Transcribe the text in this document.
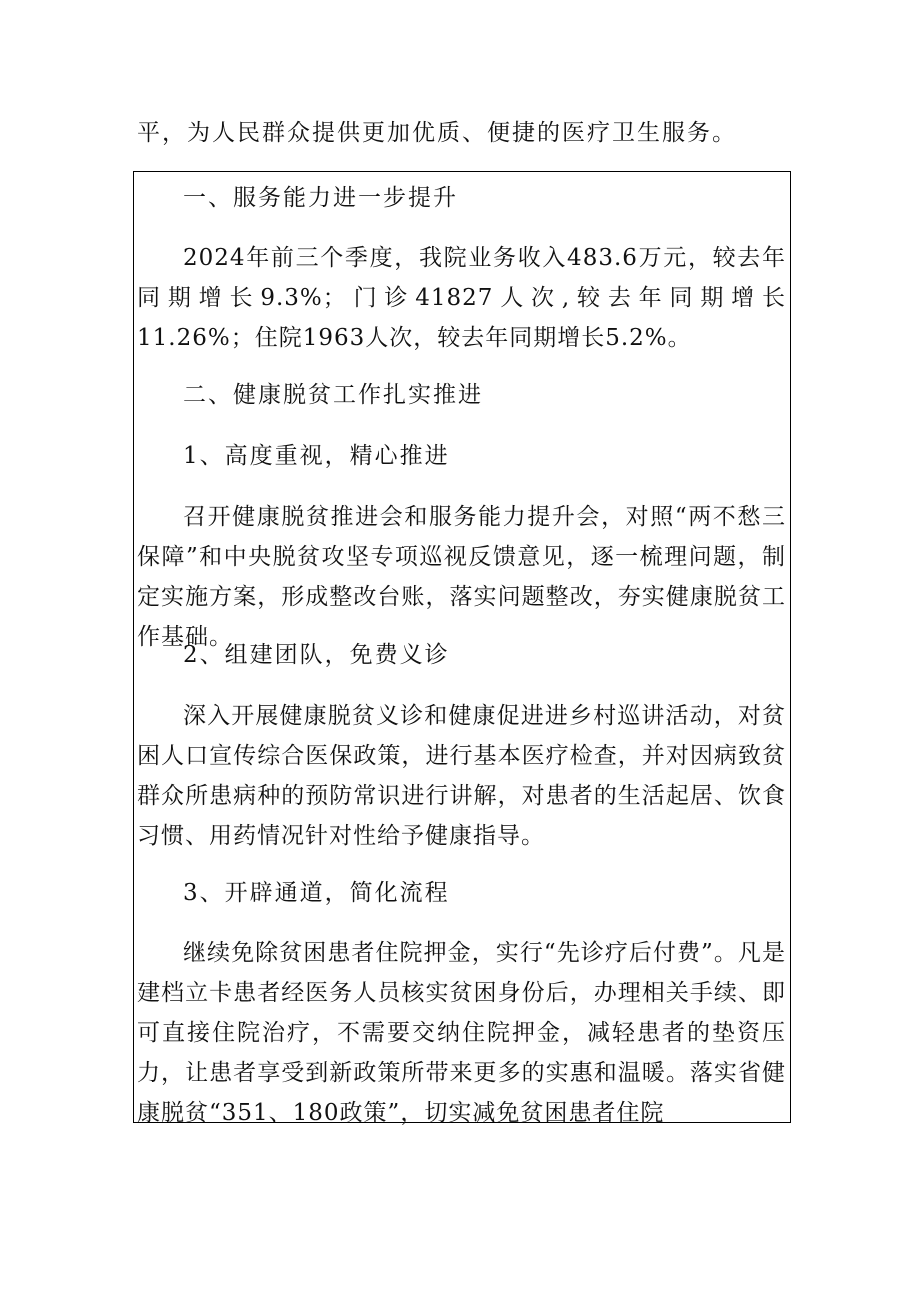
平，为人民群众提供更加优质、便捷的医疗卫生服务。

一、服务能力进一步提升

2024年前三个季度，我院业务收入483.6万元，较去年同期增长9.3%；门诊41827人次,较去年同期增长11.26%；住院1963人次，较去年同期增长5.2%。

二、健康脱贫工作扎实推进

1、高度重视，精心推进

召开健康脱贫推进会和服务能力提升会，对照“两不愁三保障”和中央脱贫攻坚专项巡视反馈意见，逐一梳理问题，制定实施方案，形成整改台账，落实问题整改，夯实健康脱贫工作基础。

2、组建团队，免费义诊

深入开展健康脱贫义诊和健康促进进乡村巡讲活动，对贫困人口宣传综合医保政策，进行基本医疗检查，并对因病致贫群众所患病种的预防常识进行讲解，对患者的生活起居、饮食习惯、用药情况针对性给予健康指导。

3、开辟通道，简化流程

继续免除贫困患者住院押金，实行“先诊疗后付费”。凡是建档立卡患者经医务人员核实贫困身份后，办理相关手续、即可直接住院治疗，不需要交纳住院押金，减轻患者的垫资压力，让患者享受到新政策所带来更多的实惠和温暖。落实省健康脱贫“351、180政策”，切实减免贫困患者住院
